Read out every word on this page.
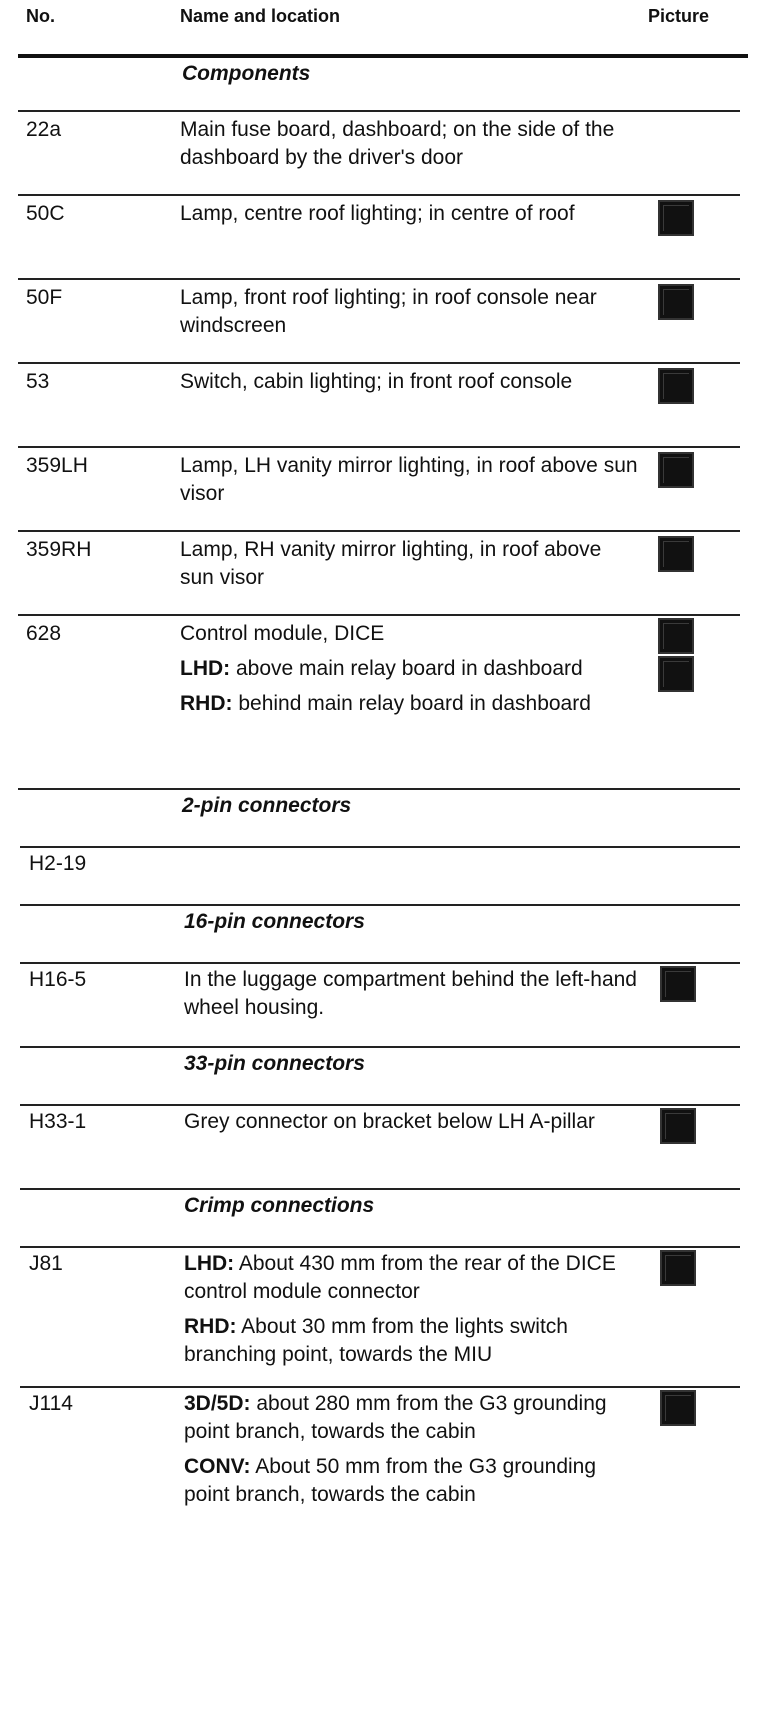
No.	Name and location	Picture
Components
22a	Main fuse board, dashboard; on the side of the dashboard by the driver's door
50C	Lamp, centre roof lighting; in centre of roof
50F	Lamp, front roof lighting; in roof console near windscreen
53	Switch, cabin lighting; in front roof console
359LH	Lamp, LH vanity mirror lighting, in roof above sun visor
359RH	Lamp, RH vanity mirror lighting, in roof above sun visor
628	Control module, DICE
LHD: above main relay board in dashboard
RHD: behind main relay board in dashboard
2-pin connectors
H2-19
16-pin connectors
H16-5	In the luggage compartment behind the left-hand wheel housing.
33-pin connectors
H33-1	Grey connector on bracket below LH A-pillar
Crimp connections
J81	LHD: About 430 mm from the rear of the DICE control module connector
RHD: About 30 mm from the lights switch branching point, towards the MIU
J114	3D/5D: about 280 mm from the G3 grounding point branch, towards the cabin
CONV: About 50 mm from the G3 grounding point branch, towards the cabin
